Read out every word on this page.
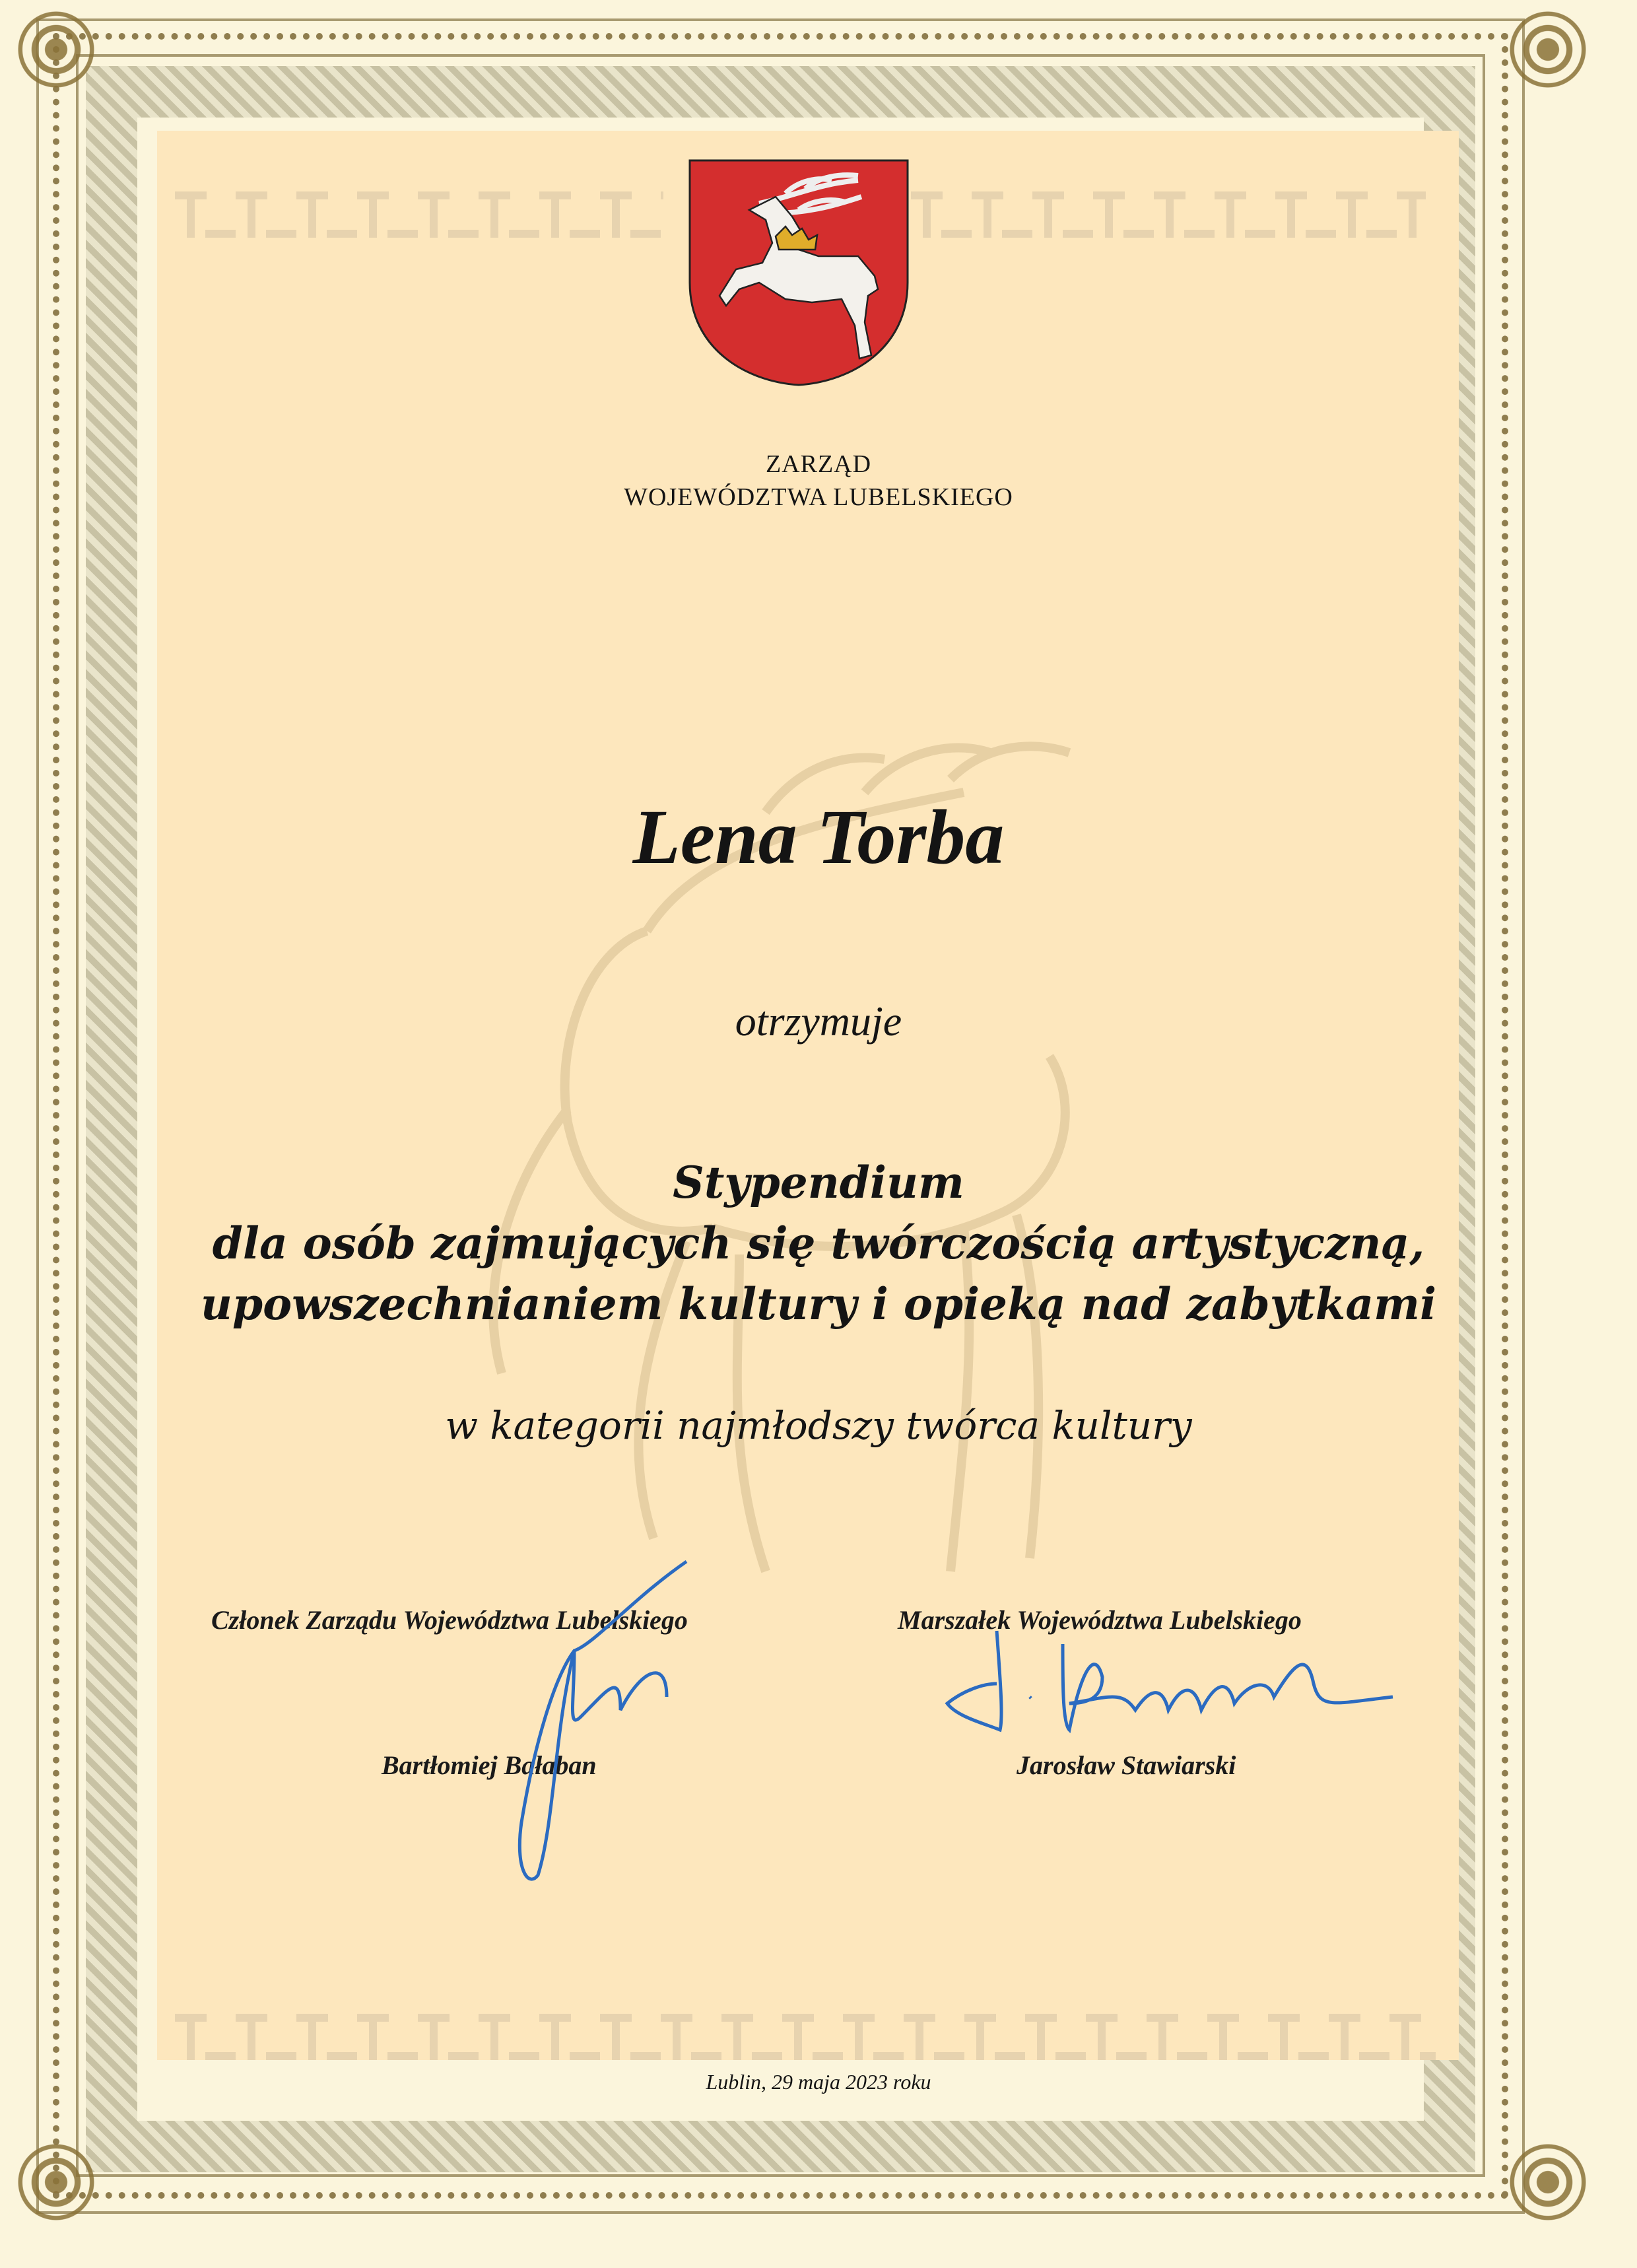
ZARZĄD
WOJEWÓDZTWA LUBELSKIEGO
Lena Torba
otrzymuje
Stypendium
dla osób zajmujących się twórczością artystyczną,
upowszechnianiem kultury i opieką nad zabytkami
w kategorii najmłodszy twórca kultury
Członek Zarządu Województwa Lubelskiego
Bartłomiej Bałaban
Marszałek Województwa Lubelskiego
Jarosław Stawiarski
Lublin, 29 maja 2023 roku
